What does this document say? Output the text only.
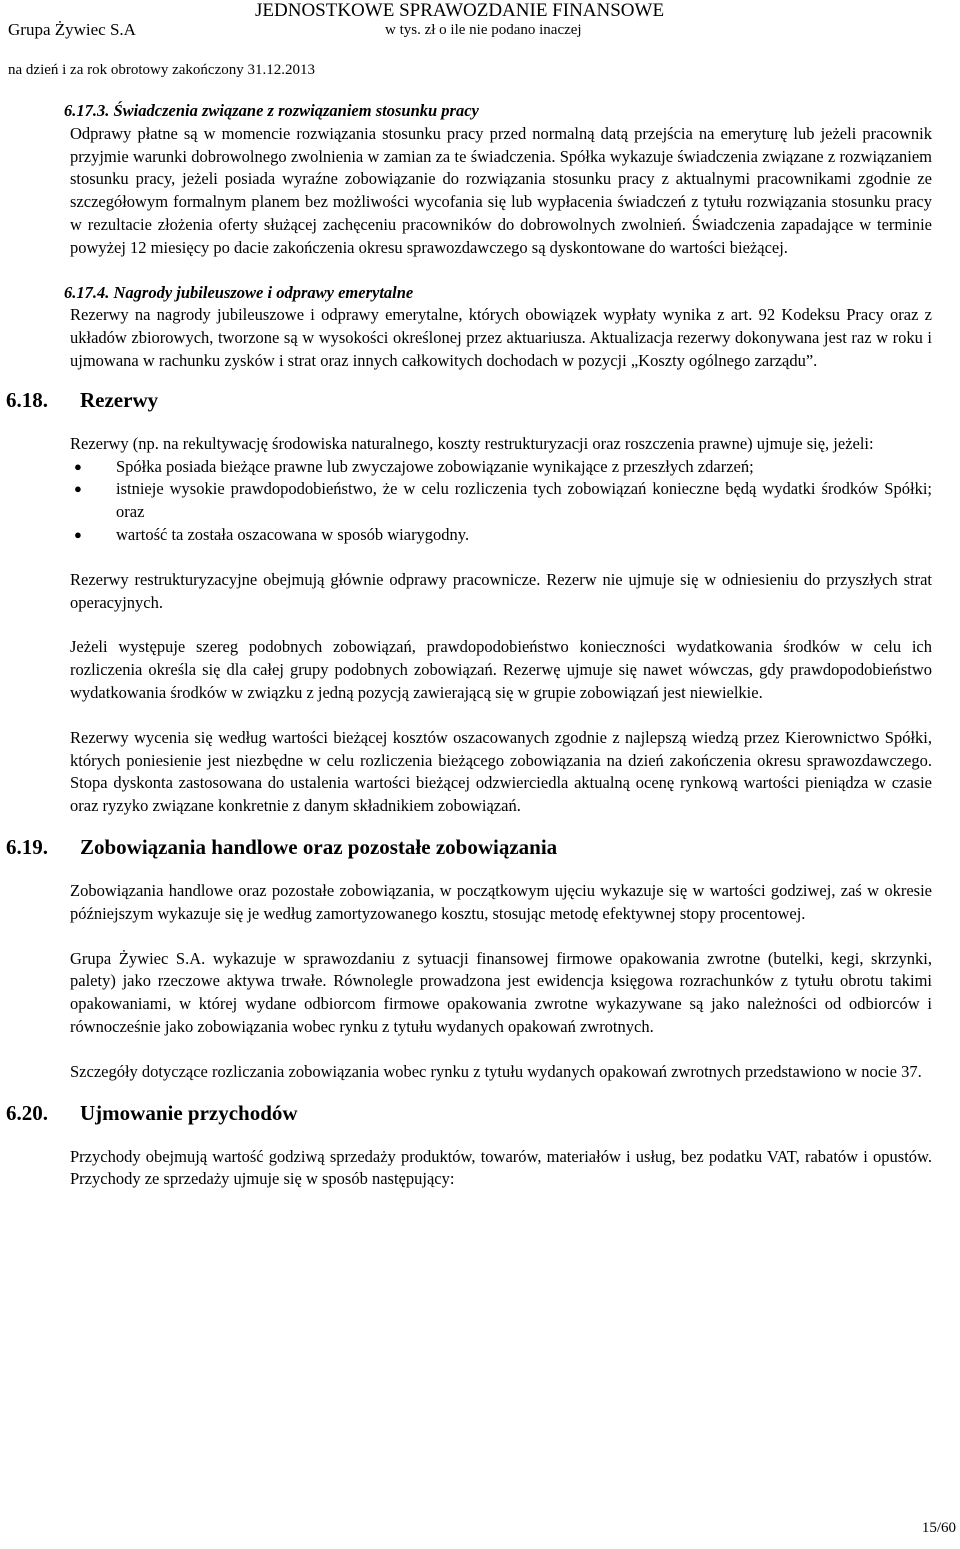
JEDNOSTKOWE SPRAWOZDANIE FINANSOWE
Grupa Żywiec S.A	w tys. zł o ile nie podano inaczej
na dzień i za rok obrotowy zakończony 31.12.2013

6.17.3. Świadczenia związane z rozwiązaniem stosunku pracy

Odprawy płatne są w momencie rozwiązania stosunku pracy przed normalną datą przejścia na emeryturę lub jeżeli pracownik przyjmie warunki dobrowolnego zwolnienia w zamian za te świadczenia. Spółka wykazuje świadczenia związane z rozwiązaniem stosunku pracy, jeżeli posiada wyraźne zobowiązanie do rozwiązania stosunku pracy z aktualnymi pracownikami zgodnie ze szczegółowym formalnym planem bez możliwości wycofania się lub wypłacenia świadczeń z tytułu rozwiązania stosunku pracy w rezultacie złożenia oferty służącej zachęceniu pracowników do dobrowolnych zwolnień. Świadczenia zapadające w terminie powyżej 12 miesięcy po dacie zakończenia okresu sprawozdawczego są dyskontowane do wartości bieżącej.

6.17.4. Nagrody jubileuszowe i odprawy emerytalne

Rezerwy na nagrody jubileuszowe i odprawy emerytalne, których obowiązek wypłaty wynika z art. 92 Kodeksu Pracy oraz z układów zbiorowych, tworzone są w wysokości określonej przez aktuariusza. Aktualizacja rezerwy dokonywana jest raz w roku i ujmowana w rachunku zysków i strat oraz innych całkowitych dochodach w pozycji „Koszty ogólnego zarządu”.

6.18.	Rezerwy

Rezerwy (np. na rekultywację środowiska naturalnego, koszty restrukturyzacji oraz roszczenia prawne) ujmuje się, jeżeli:

● Spółka posiada bieżące prawne lub zwyczajowe zobowiązanie wynikające z przeszłych zdarzeń;
● istnieje wysokie prawdopodobieństwo, że w celu rozliczenia tych zobowiązań konieczne będą wydatki środków Spółki; oraz
● wartość ta została oszacowana w sposób wiarygodny.

Rezerwy restrukturyzacyjne obejmują głównie odprawy pracownicze. Rezerw nie ujmuje się w odniesieniu do przyszłych strat operacyjnych.

Jeżeli występuje szereg podobnych zobowiązań, prawdopodobieństwo konieczności wydatkowania środków w celu ich rozliczenia określa się dla całej grupy podobnych zobowiązań. Rezerwę ujmuje się nawet wówczas, gdy prawdopodobieństwo wydatkowania środków w związku z jedną pozycją zawierającą się w grupie zobowiązań jest niewielkie.

Rezerwy wycenia się według wartości bieżącej kosztów oszacowanych zgodnie z najlepszą wiedzą przez Kierownictwo Spółki, których poniesienie jest niezbędne w celu rozliczenia bieżącego zobowiązania na dzień zakończenia okresu sprawozdawczego. Stopa dyskonta zastosowana do ustalenia wartości bieżącej odzwierciedla aktualną ocenę rynkową wartości pieniądza w czasie oraz ryzyko związane konkretnie z danym składnikiem zobowiązań.

6.19.	Zobowiązania handlowe oraz pozostałe zobowiązania

Zobowiązania handlowe oraz pozostałe zobowiązania, w początkowym ujęciu wykazuje się w wartości godziwej, zaś w okresie późniejszym wykazuje się je według zamortyzowanego kosztu, stosując metodę efektywnej stopy procentowej.

Grupa Żywiec S.A. wykazuje w sprawozdaniu z sytuacji finansowej firmowe opakowania zwrotne (butelki, kegi, skrzynki, palety) jako rzeczowe aktywa trwałe. Równolegle prowadzona jest ewidencja księgowa rozrachunków z tytułu obrotu takimi opakowaniami, w której wydane odbiorcom firmowe opakowania zwrotne wykazywane są jako należności od odbiorców i równocześnie jako zobowiązania wobec rynku z tytułu wydanych opakowań zwrotnych.

Szczegóły dotyczące rozliczania zobowiązania wobec rynku z tytułu wydanych opakowań zwrotnych przedstawiono w nocie 37.

6.20.	Ujmowanie przychodów

Przychody obejmują wartość godziwą sprzedaży produktów, towarów, materiałów i usług, bez podatku VAT, rabatów i opustów. Przychody ze sprzedaży ujmuje się w sposób następujący:

15/60
